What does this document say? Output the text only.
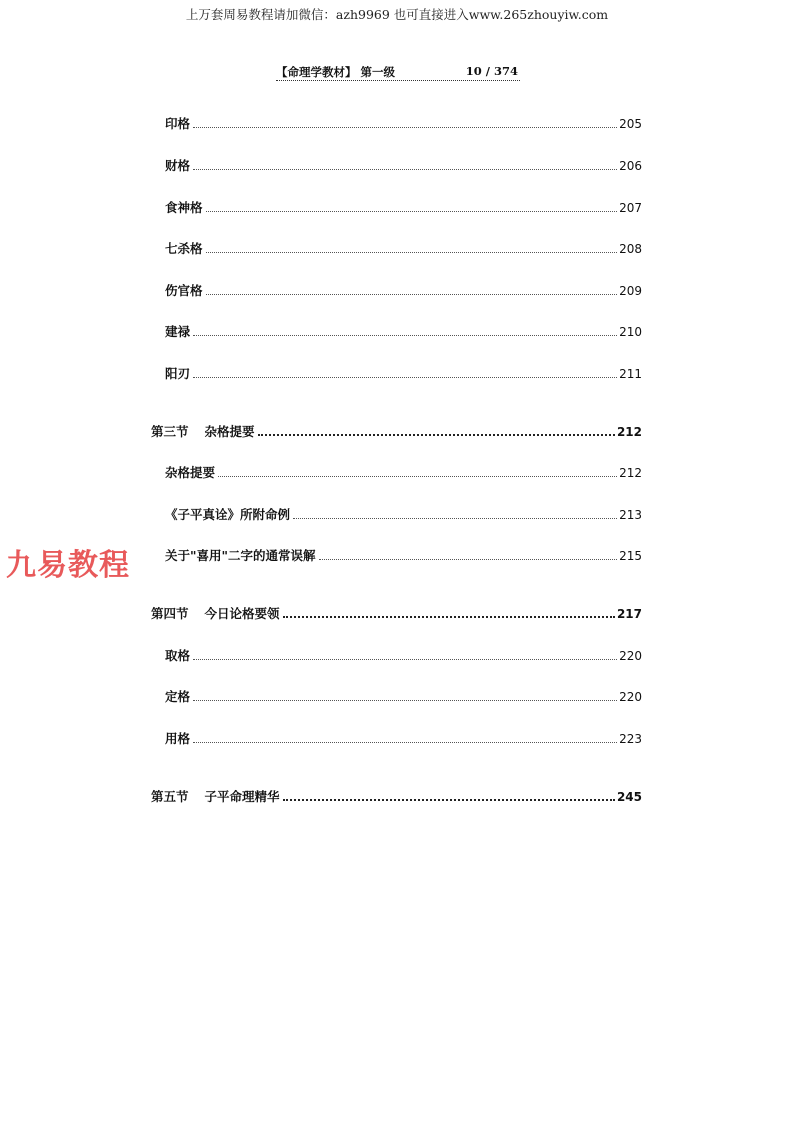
上万套周易教程请加微信：azh9969 也可直接进入www.265zhouyiw.com
【命理学教材】 第一级	10 / 374
印格	205
财格	206
食神格	207
七杀格	208
伤官格	209
建禄	210
阳刃	211
第三节 杂格提要	212
杂格提要	212
《子平真诠》所附命例	213
关于"喜用"二字的通常误解	215
第四节 今日论格要领	217
取格	220
定格	220
用格	223
第五节 子平命理精华	245
九易教程
